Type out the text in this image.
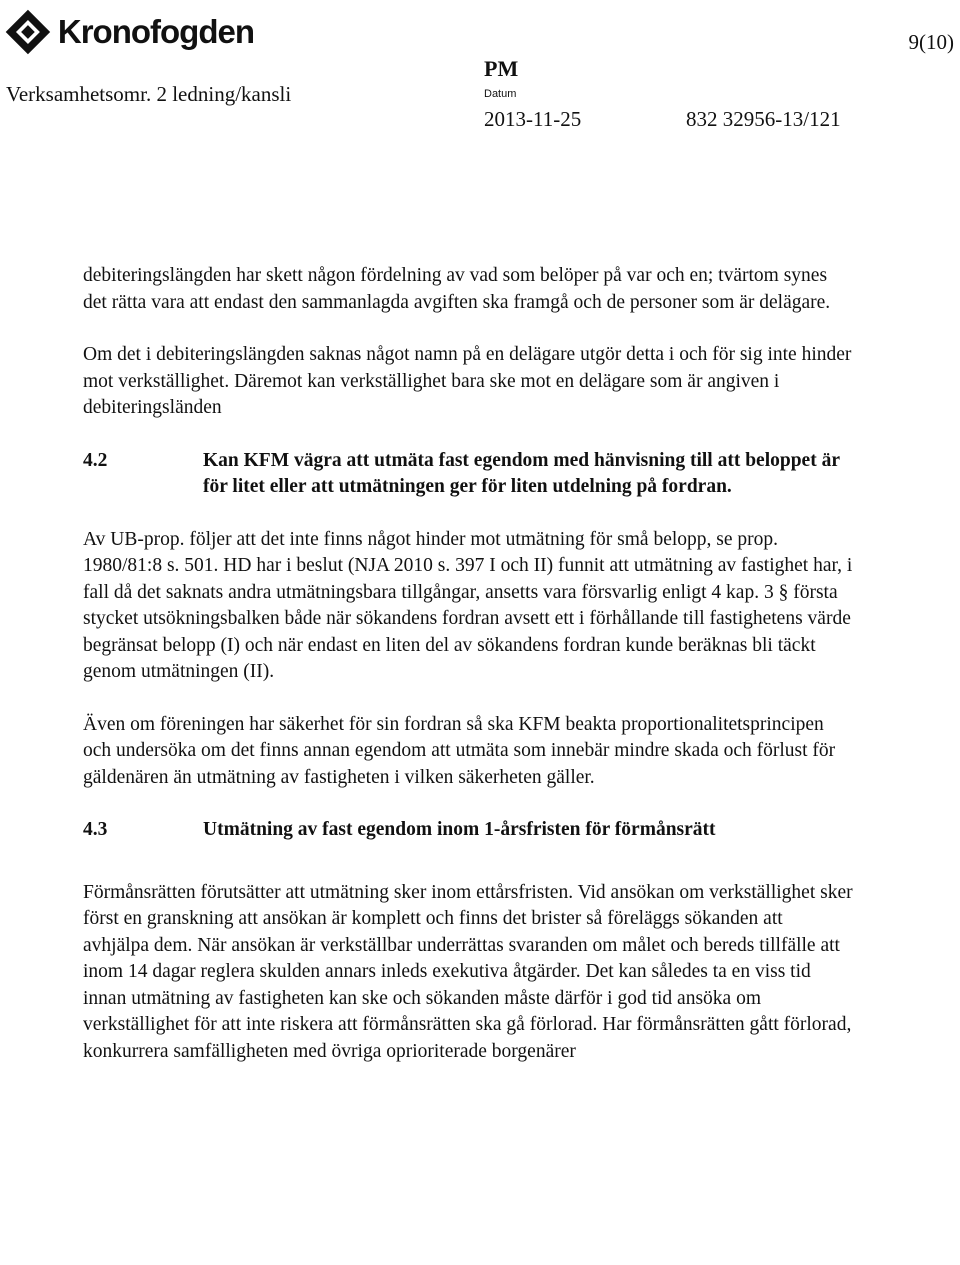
Kronofogden	9(10)
Verksamhetsomr. 2 ledning/kansli
PM
Datum
2013-11-25	832 32956-13/121

debiteringslängden har skett någon fördelning av vad som belöper på var och en; tvärtom synes det rätta vara att endast den sammanlagda avgiften ska framgå och de personer som är delägare.

Om det i debiteringslängden saknas något namn på en delägare utgör detta i och för sig inte hinder mot verkställighet. Däremot kan verkställighet bara ske mot en delägare som är angiven i debiteringsländen

4.2	Kan KFM vägra att utmäta fast egendom med hänvisning till att beloppet är för litet eller att utmätningen ger för liten utdelning på fordran.

Av UB-prop. följer att det inte finns något hinder mot utmätning för små belopp, se prop. 1980/81:8 s. 501. HD har i beslut (NJA 2010 s. 397 I och II) funnit att utmätning av fastighet har, i fall då det saknats andra utmätningsbara tillgångar, ansetts vara försvarlig enligt 4 kap. 3 § första stycket utsökningsbalken både när sökandens fordran avsett ett i förhållande till fastighetens värde begränsat belopp (I) och när endast en liten del av sökandens fordran kunde beräknas bli täckt genom utmätningen (II).

Även om föreningen har säkerhet för sin fordran så ska KFM beakta proportionalitetsprincipen och undersöka om det finns annan egendom att utmäta som innebär mindre skada och förlust för gäldenären än utmätning av fastigheten i vilken säkerheten gäller.

4.3	Utmätning av fast egendom inom 1-årsfristen för förmånsrätt

Förmånsrätten förutsätter att utmätning sker inom ettårsfristen. Vid ansökan om verkställighet sker först en granskning att ansökan är komplett och finns det brister så föreläggs sökanden att avhjälpa dem. När ansökan är verkställbar underrättas svaranden om målet och bereds tillfälle att inom 14 dagar reglera skulden annars inleds exekutiva åtgärder. Det kan således ta en viss tid innan utmätning av fastigheten kan ske och sökanden måste därför i god tid ansöka om verkställighet för att inte riskera att förmånsrätten ska gå förlorad. Har förmånsrätten gått förlorad, konkurrera samfälligheten med övriga oprioriterade borgenärer
